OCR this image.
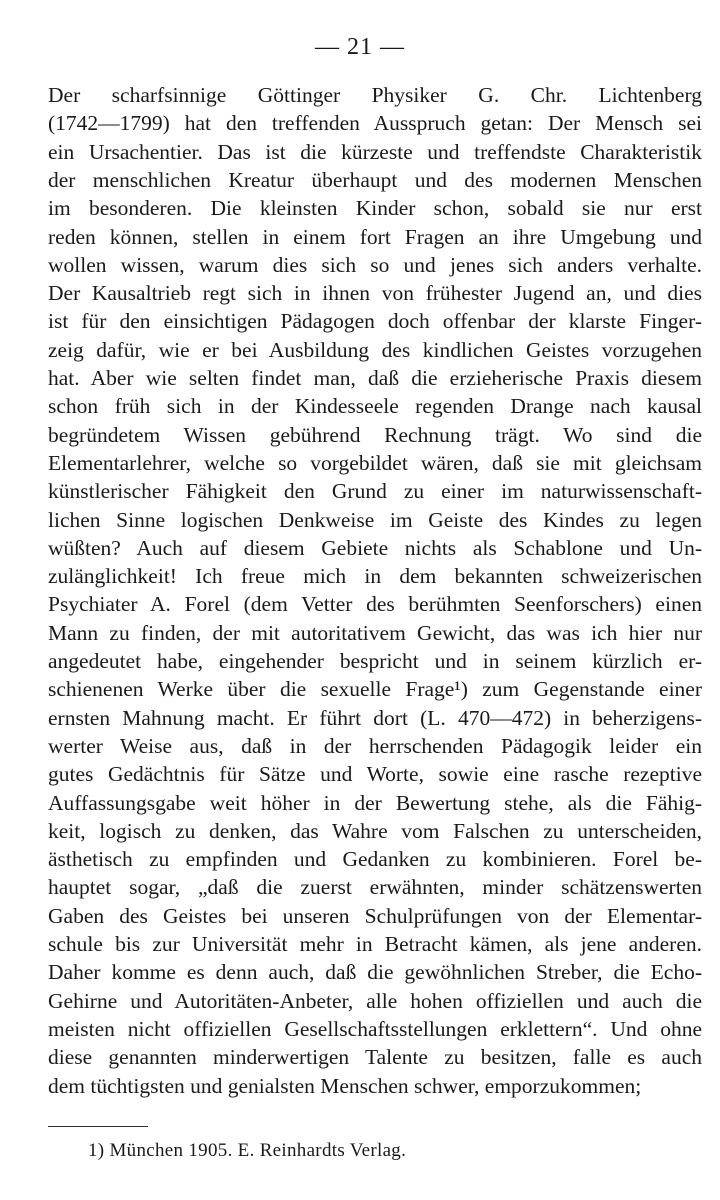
— 21 —
Der scharfsinnige Göttinger Physiker G. Chr. Lichtenberg
(1742—1799) hat den treffenden Ausspruch getan: Der Mensch sei
ein Ursachentier. Das ist die kürzeste und treffendste Charakteristik
der menschlichen Kreatur überhaupt und des modernen Menschen
im besonderen. Die kleinsten Kinder schon, sobald sie nur erst
reden können, stellen in einem fort Fragen an ihre Umgebung und
wollen wissen, warum dies sich so und jenes sich anders verhalte.
Der Kausaltrieb regt sich in ihnen von frühester Jugend an, und dies
ist für den einsichtigen Pädagogen doch offenbar der klarste Finger-
zeig dafür, wie er bei Ausbildung des kindlichen Geistes vorzugehen
hat. Aber wie selten findet man, daß die erzieherische Praxis diesem
schon früh sich in der Kindesseele regenden Drange nach kausal
begründetem Wissen gebührend Rechnung trägt. Wo sind die
Elementarlehrer, welche so vorgebildet wären, daß sie mit gleichsam
künstlerischer Fähigkeit den Grund zu einer im naturwissenschaft-
lichen Sinne logischen Denkweise im Geiste des Kindes zu legen
wüßten? Auch auf diesem Gebiete nichts als Schablone und Un-
zulänglichkeit! Ich freue mich in dem bekannten schweizerischen
Psychiater A. Forel (dem Vetter des berühmten Seenforschers) einen
Mann zu finden, der mit autoritativem Gewicht, das was ich hier nur
angedeutet habe, eingehender bespricht und in seinem kürzlich er-
schienenen Werke über die sexuelle Frage¹) zum Gegenstande einer
ernsten Mahnung macht. Er führt dort (L. 470—472) in beherzigens-
werter Weise aus, daß in der herrschenden Pädagogik leider ein
gutes Gedächtnis für Sätze und Worte, sowie eine rasche rezeptive
Auffassungsgabe weit höher in der Bewertung stehe, als die Fähig-
keit, logisch zu denken, das Wahre vom Falschen zu unterscheiden,
ästhetisch zu empfinden und Gedanken zu kombinieren. Forel be-
hauptet sogar, „daß die zuerst erwähnten, minder schätzenswerten
Gaben des Geistes bei unseren Schulprüfungen von der Elementar-
schule bis zur Universität mehr in Betracht kämen, als jene anderen.
Daher komme es denn auch, daß die gewöhnlichen Streber, die Echo-
Gehirne und Autoritäten-Anbeter, alle hohen offiziellen und auch die
meisten nicht offiziellen Gesellschaftsstellungen erklettern“. Und ohne
diese genannten minderwertigen Talente zu besitzen, falle es auch
dem tüchtigsten und genialsten Menschen schwer, emporzukommen;
1) München 1905. E. Reinhardts Verlag.
